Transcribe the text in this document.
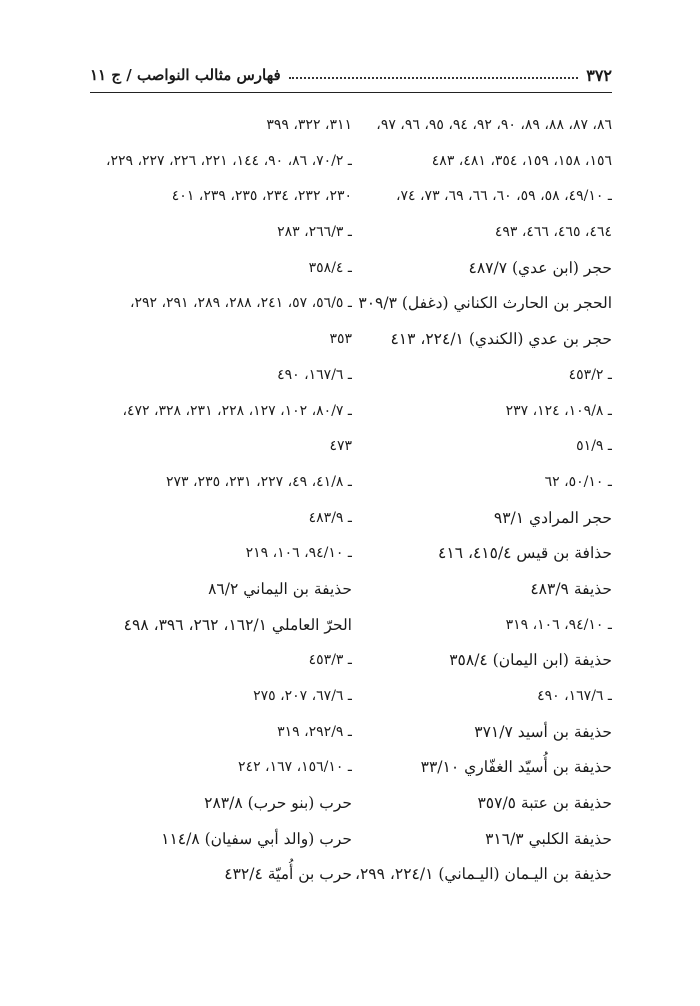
٣٧٢
فهارس مثالب النواصب / ج ١١
٨٦، ٨٧، ٨٨، ٨٩، ٩٠، ٩٢، ٩٤، ٩٥، ٩٦، ٩٧،
١٥٦، ١٥٨، ١٥٩، ٣٥٤، ٤٨١، ٤٨٣
ـ ٤٩/١٠، ٥٨، ٥٩، ٦٠، ٦٦، ٦٩، ٧٣، ٧٤،
٤٦٤، ٤٦٥، ٤٦٦، ٤٩٣
حجر (ابن عدي) ٤٨٧/٧
الحجر بن الحارث الكناني (دغفل) ٣٠٩/٣
حجر بن عدي (الكندي) ٢٢٤/١، ٤١٣
ـ ٤٥٣/٢
ـ ١٠٩/٨، ١٢٤، ٢٣٧
ـ ٥١/٩
ـ ٥٠/١٠، ٦٢
حجر المرادي ٩٣/١
حذافة بن قيس ٤١٥/٤، ٤١٦
حذيفة ٤٨٣/٩
ـ ٩٤/١٠، ١٠٦، ٣١٩
حذيفة (ابن اليمان) ٣٥٨/٤
ـ ١٦٧/٦، ٤٩٠
حذيفة بن أسيد ٣٧١/٧
حذيفة بن أُسيّد الغفّاري ٣٣/١٠
حذيفة بن عتبة ٣٥٧/٥
حذيفة الكلبي ٣١٦/٣
حذيفة بن اليـمان (اليـماني) ٢٢٤/١، ٢٩٩،
٣١١، ٣٢٢، ٣٩٩
ـ ٧٠/٢، ٨٦، ٩٠، ١٤٤، ٢٢١، ٢٢٦، ٢٢٧، ٢٢٩،
٢٣٠، ٢٣٢، ٢٣٤، ٢٣٥، ٢٣٩، ٤٠١
ـ ٢٦٦/٣، ٢٨٣
ـ ٣٥٨/٤
ـ ٥٦/٥، ٥٧، ٢٤١، ٢٨٨، ٢٨٩، ٢٩١، ٢٩٢،
٣٥٣
ـ ١٦٧/٦، ٤٩٠
ـ ٨٠/٧، ١٠٢، ١٢٧، ٢٢٨، ٢٣١، ٣٢٨، ٤٧٢،
٤٧٣
ـ ٤١/٨، ٤٩، ٢٢٧، ٢٣١، ٢٣٥، ٢٧٣
ـ ٤٨٣/٩
ـ ٩٤/١٠، ١٠٦، ٢١٩
حذيفة بن اليماني ٨٦/٢
الحرّ العاملي ١٦٢/١، ٢٦٢، ٣٩٦، ٤٩٨
ـ ٤٥٣/٣
ـ ٦٧/٦، ٢٠٧، ٢٧٥
ـ ٢٩٢/٩، ٣١٩
ـ ١٥٦/١٠، ١٦٧، ٢٤٢
حرب (بنو حرب) ٢٨٣/٨
حرب (والد أبي سفيان) ١١٤/٨
حرب بن أُميّة ٤٣٢/٤
